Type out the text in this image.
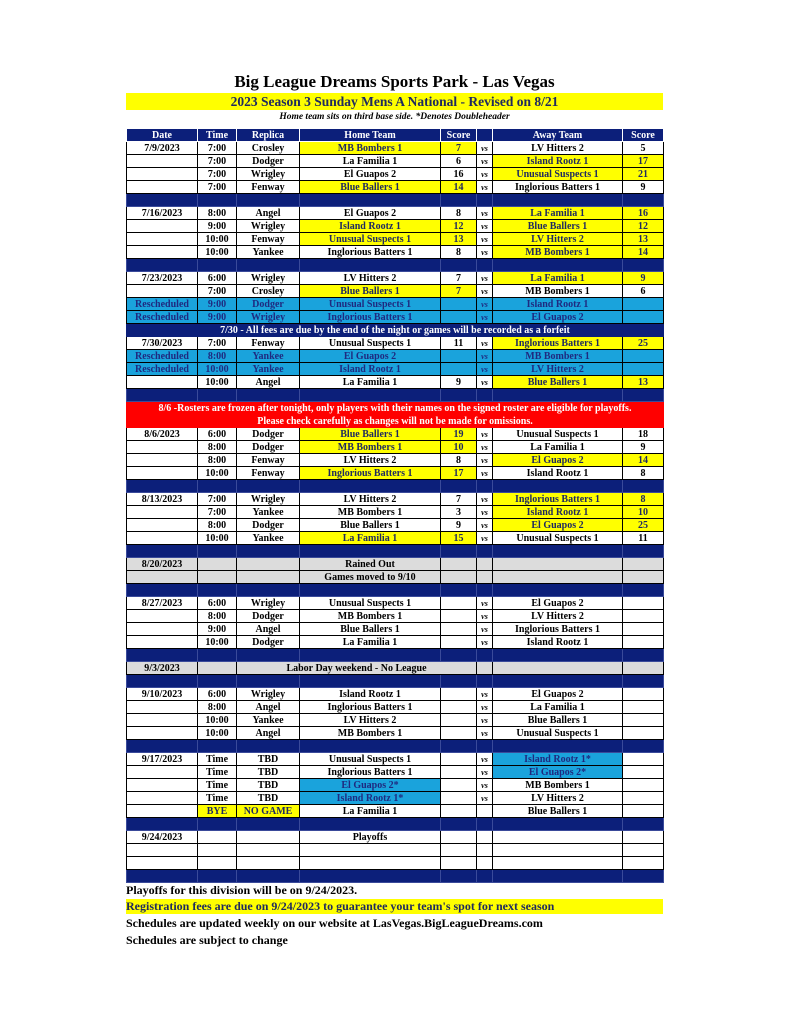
Big League Dreams Sports Park - Las Vegas
2023 Season 3 Sunday Mens A National - Revised on 8/21
Home team sits on third base side. *Denotes Doubleheader
Date	Time	Replica	Home Team	Score		Away Team	Score
7/9/2023	7:00	Crosley	MB Bombers 1	7	vs	LV Hitters 2	5
	7:00	Dodger	La Familia 1	6	vs	Island Rootz 1	17
	7:00	Wrigley	El Guapos 2	16	vs	Unusual Suspects 1	21
	7:00	Fenway	Blue Ballers 1	14	vs	Inglorious Batters 1	9

7/16/2023	8:00	Angel	El Guapos 2	8	vs	La Familia 1	16
	9:00	Wrigley	Island Rootz 1	12	vs	Blue Ballers 1	12
	10:00	Fenway	Unusual Suspects 1	13	vs	LV Hitters 2	13
	10:00	Yankee	Inglorious Batters 1	8	vs	MB Bombers 1	14

7/23/2023	6:00	Wrigley	LV Hitters 2	7	vs	La Familia 1	9
	7:00	Crosley	Blue Ballers 1	7	vs	MB Bombers 1	6
Rescheduled	9:00	Dodger	Unusual Suspects 1		vs	Island Rootz 1	
Rescheduled	9:00	Wrigley	Inglorious Batters 1		vs	El Guapos 2	
7/30 - All fees are due by the end of the night or games will be recorded as a forfeit							
7/30/2023	7:00	Fenway	Unusual Suspects 1	11	vs	Inglorious Batters 1	25
Rescheduled	8:00	Yankee	El Guapos 2		vs	MB Bombers 1	
Rescheduled	10:00	Yankee	Island Rootz 1		vs	LV Hitters 2	
	10:00	Angel	La Familia 1	9	vs	Blue Ballers 1	13

8/6 -Rosters are frozen after tonight, only players with their names on the signed roster are eligible for playoffs.							
Please check carefully as changes will not be made for omissions.							
8/6/2023	6:00	Dodger	Blue Ballers 1	19	vs	Unusual Suspects 1	18
	8:00	Dodger	MB Bombers 1	10	vs	La Familia 1	9
	8:00	Fenway	LV Hitters 2	8	vs	El Guapos 2	14
	10:00	Fenway	Inglorious Batters 1	17	vs	Island Rootz 1	8

8/13/2023	7:00	Wrigley	LV Hitters 2	7	vs	Inglorious Batters 1	8
	7:00	Yankee	MB Bombers 1	3	vs	Island Rootz 1	10
	8:00	Dodger	Blue Ballers 1	9	vs	El Guapos 2	25
	10:00	Yankee	La Familia 1	15	vs	Unusual Suspects 1	11

8/20/2023			Rained Out				
			Games moved to 9/10				

8/27/2023	6:00	Wrigley	Unusual Suspects 1		vs	El Guapos 2	
	8:00	Dodger	MB Bombers 1		vs	LV Hitters 2	
	9:00	Angel	Blue Ballers 1		vs	Inglorious Batters 1	
	10:00	Dodger	La Familia 1		vs	Island Rootz 1	

9/3/2023		Labor Day weekend - No League					

9/10/2023	6:00	Wrigley	Island Rootz 1		vs	El Guapos 2	
	8:00	Angel	Inglorious Batters 1		vs	La Familia 1	
	10:00	Yankee	LV Hitters 2		vs	Blue Ballers 1	
	10:00	Angel	MB Bombers 1		vs	Unusual Suspects 1	

9/17/2023	Time	TBD	Unusual Suspects 1		vs	Island Rootz 1*	
	Time	TBD	Inglorious Batters 1		vs	El Guapos 2*	
	Time	TBD	El Guapos 2*		vs	MB Bombers 1	
	Time	TBD	Island Rootz 1*		vs	LV Hitters 2	
	BYE	NO GAME	La Familia 1			Blue Ballers 1	

9/24/2023			Playoffs				

Playoffs for this division will be on 9/24/2023.
Registration fees are due on 9/24/2023 to guarantee your team's spot for next season
Schedules are updated weekly on our website at LasVegas.BigLeagueDreams.com
Schedules are subject to change
